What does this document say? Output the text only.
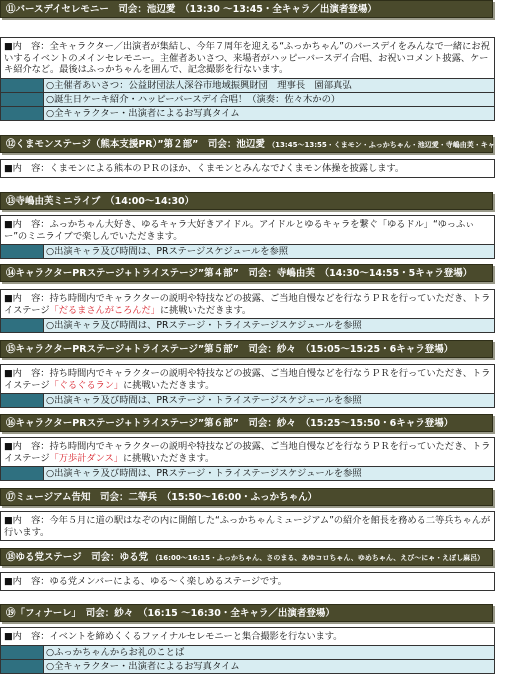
⑪バースデイセレモニー　司会：池辺愛　（13:30 ～13:45・全キャラ／出演者登場）
■内　容：全キャラクター／出演者が集結し、今年７周年を迎える“ふっかちゃん”のバースデイをみんなで一緒にお祝いするイベントのメインセレモニー。主催者あいさつ、来場者がハッピーバースデイ合唱、お祝いコメント披露、ケーキ紹介など。最後はふっかちゃんを囲んで、記念撮影を行ないます。
○主催者あいさつ：公益財団法人深谷市地域振興財団　理事長　園部真弘
○誕生日ケーキ紹介・ハッピーバースデイ合唱！（演奏：佐々木かの）
○全キャラクター・出演者によるお写真タイム
⑫くまモンステージ（熊本支援PR）”第２部”　司会：池辺愛 （13:45～13:55・くまモン・ふっかちゃん・池辺愛・寺嶋由芙・キャラも登場）
■内　容：くまモンによる熊本のＰＲのほか、くまモンとみんなで♪くまモン体操を披露します。
⑬寺嶋由芙ミニライブ　（14:00～14:30）
■内　容：ふっかちゃん大好き、ゆるキャラ大好きアイドル。アイドルとゆるキャラを繋ぐ「ゆるドル」“ゆっふぃー”のミニライブで楽しんでいただきます。
○出演キャラ及び時間は、PRステージスケジュールを参照
⑭キャラクターPRステージ+トライステージ”第４部”　司会：寺嶋由芙　（14:30～14:55・5キャラ登場）
■内　容：持ち時間内でキャラクターの説明や特技などの披露、ご当地自慢などを行なうＰＲを行っていただき、トライステージ「だるまさんがころんだ」に挑戦いただきます。
○出演キャラ及び時間は、PRステージ・トライステージスケジュールを参照
⑮キャラクターPRステージ+トライステージ”第５部”　司会：紗々　（15:05～15:25・6キャラ登場）
■内　容：持ち時間内でキャラクターの説明や特技などの披露、ご当地自慢などを行なうＰＲを行っていただき、トライステージ「ぐるぐるラン」に挑戦いただきます。
○出演キャラ及び時間は、PRステージ・トライステージスケジュールを参照
⑯キャラクターPRステージ+トライステージ”第６部”　司会：紗々　（15:25～15:50・6キャラ登場）
■内　容：持ち時間内でキャラクターの説明や特技などの披露、ご当地自慢などを行なうＰＲを行っていただき、トライステージ「万歩計ダンス」に挑戦いただきます。
○出演キャラ及び時間は、PRステージ・トライステージスケジュールを参照
⑰ミュージアム告知　司会：二等兵　（15:50～16:00・ふっかちゃん）
■内　容：今年５月に道の駅はなぞの内に開館した“ふっかちゃんミュージアム”の紹介を館長を務める二等兵ちゃんが行います。
⑱ゆる党ステージ　司会：ゆる党 （16:00～16:15・ふっかちゃん、さのまる、あゆコロちゃん、ゆめちゃん、えび～にゃ・えぼし麻呂）
■内　容：ゆる党メンバーによる、ゆる～く楽しめるステージです。
⑲「フィナーレ」　司会：紗々　（16:15 ～16:30・全キャラ／出演者登場）
■内　容：イベントを締めくくるファイナルセレモニーと集合撮影を行ないます。
○ふっかちゃんからお礼のことば
○全キャラクター・出演者によるお写真タイム
